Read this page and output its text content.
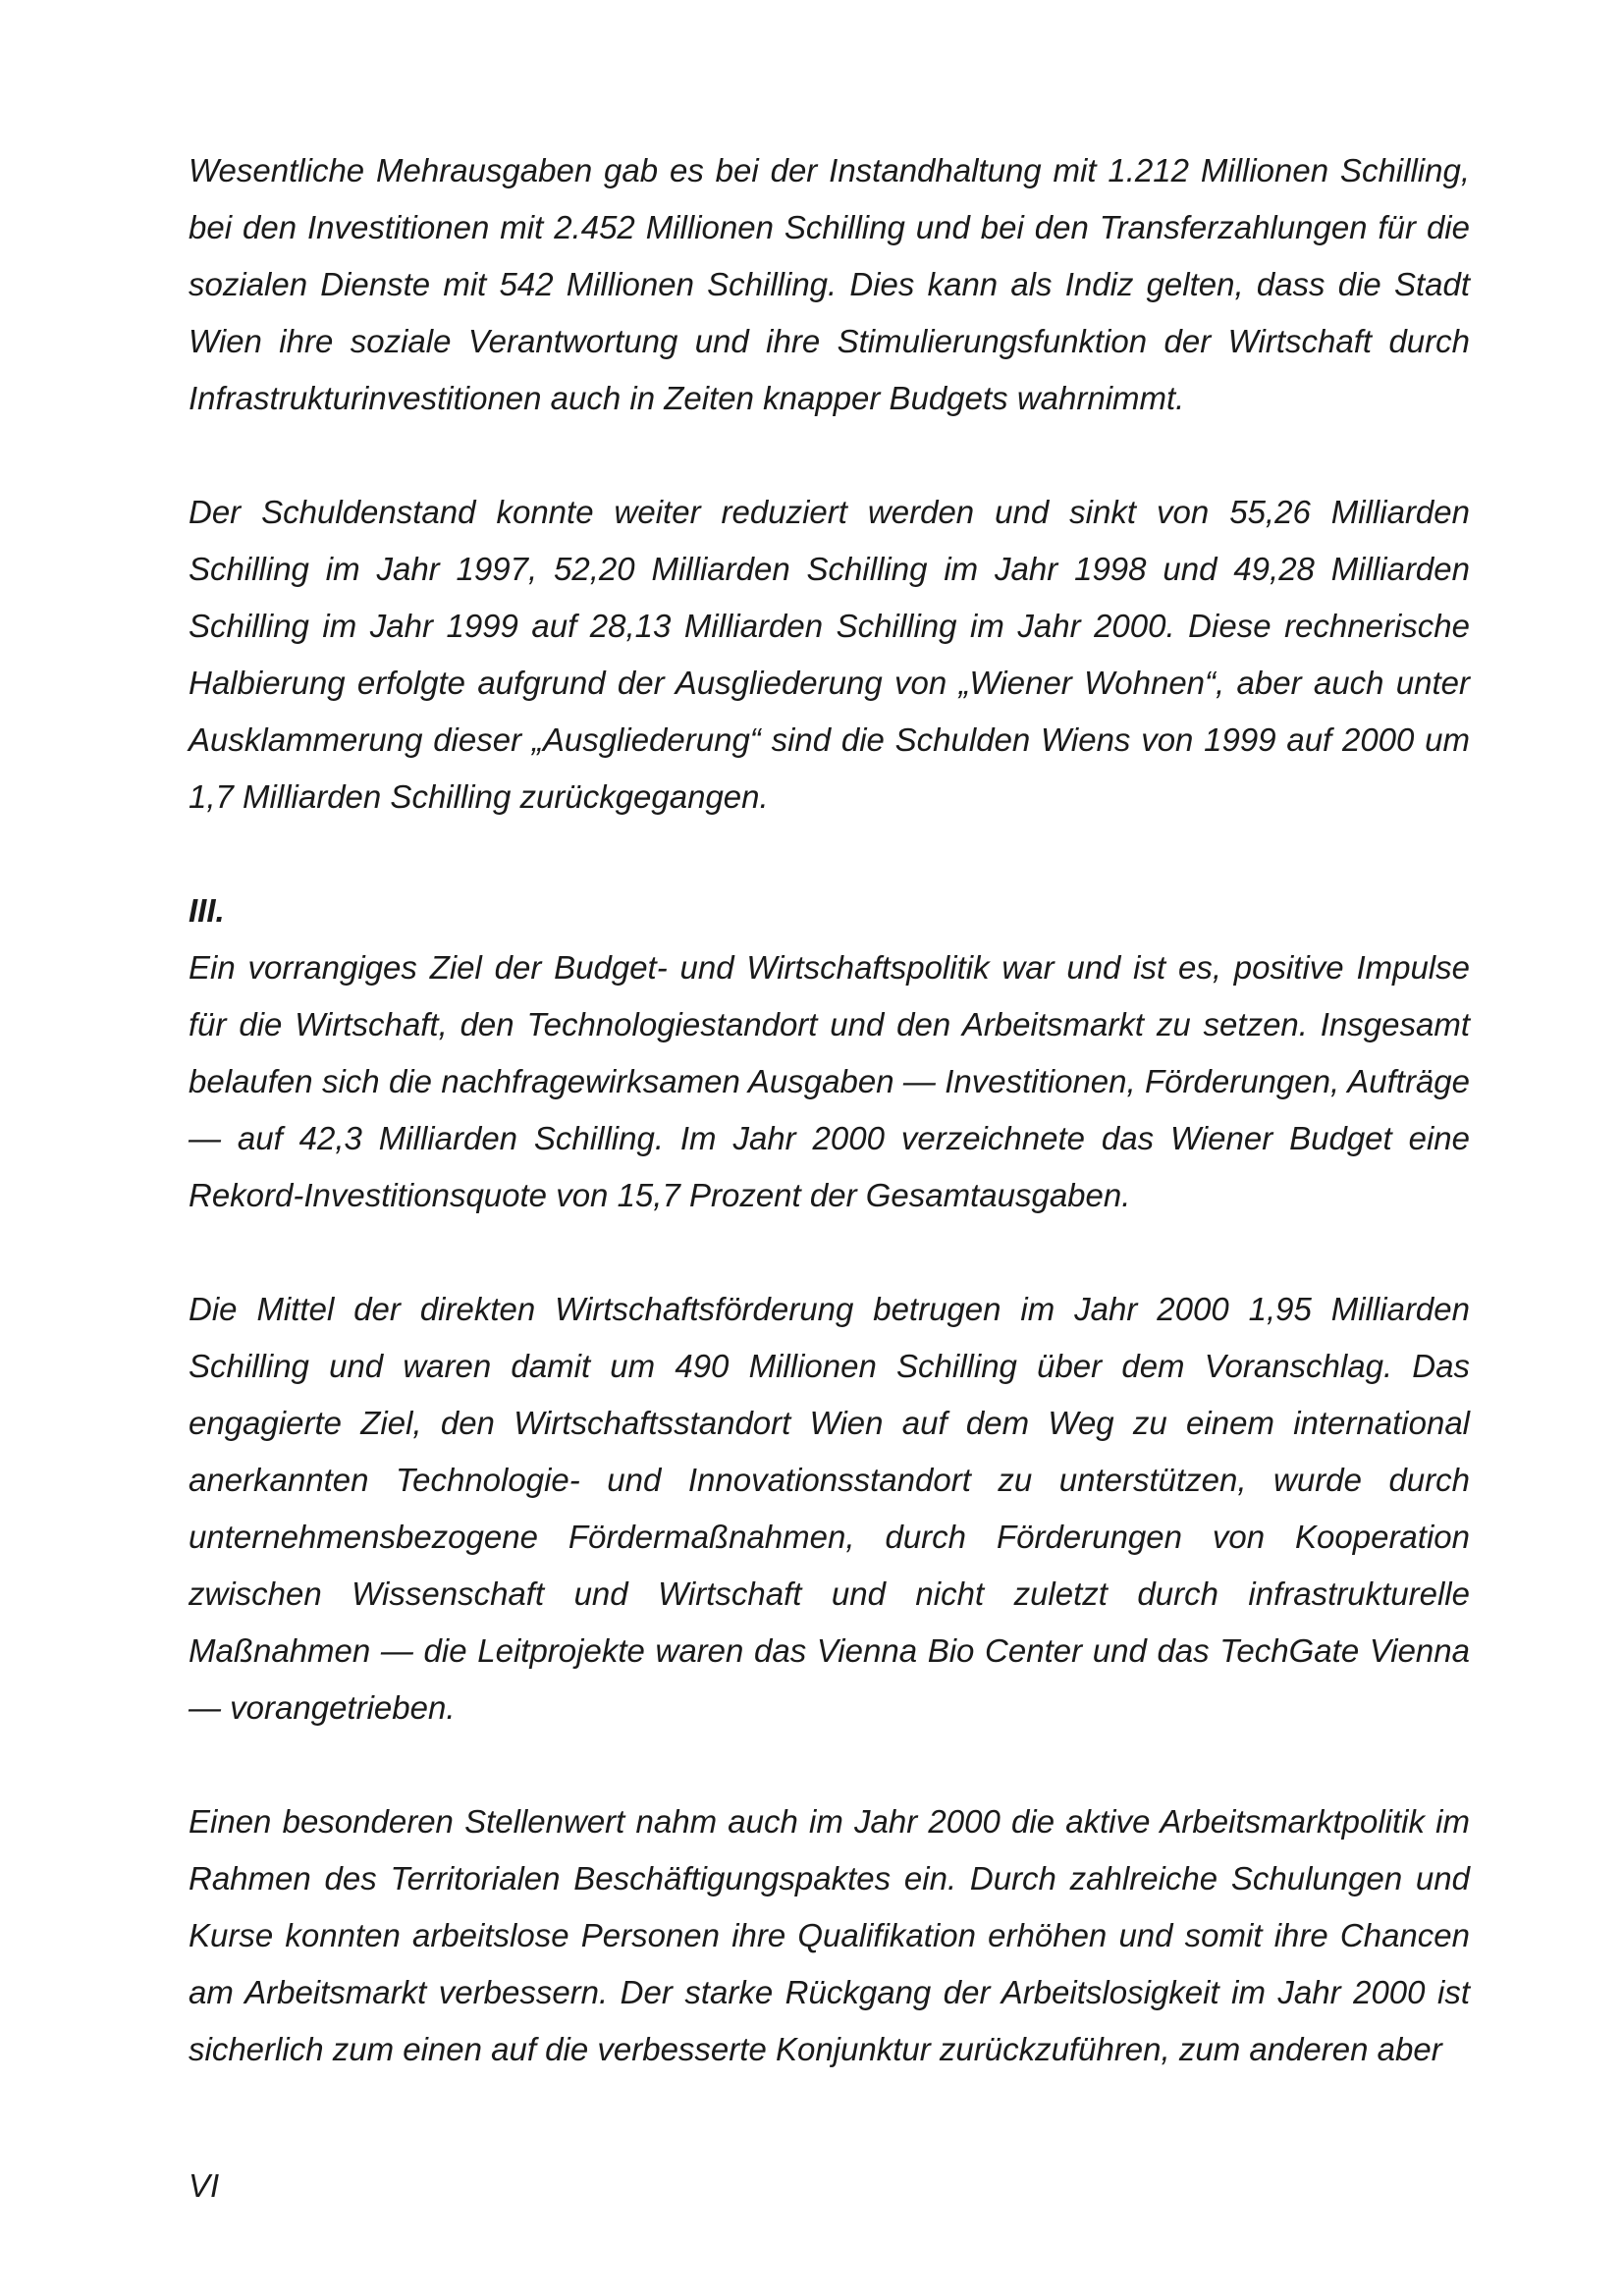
Wesentliche Mehrausgaben gab es bei der Instandhaltung mit 1.212 Millionen Schilling, bei den Investitionen mit 2.452 Millionen Schilling und bei den Transferzahlungen für die sozialen Dienste mit 542 Millionen Schilling. Dies kann als Indiz gelten, dass die Stadt Wien ihre soziale Verantwortung und ihre Stimulierungsfunktion der Wirtschaft durch Infrastrukturinvestitionen auch in Zeiten knapper Budgets wahrnimmt.

Der Schuldenstand konnte weiter reduziert werden und sinkt von 55,26 Milliarden Schilling im Jahr 1997, 52,20 Milliarden Schilling im Jahr 1998 und 49,28 Milliarden Schilling im Jahr 1999 auf 28,13 Milliarden Schilling im Jahr 2000. Diese rechnerische Halbierung erfolgte aufgrund der Ausgliederung von „Wiener Wohnen“, aber auch unter Ausklammerung dieser „Ausgliederung“ sind die Schulden Wiens von 1999 auf 2000 um 1,7 Milliarden Schilling zurückgegangen.

III.

Ein vorrangiges Ziel der Budget- und Wirtschaftspolitik war und ist es, positive Impulse für die Wirtschaft, den Technologiestandort und den Arbeitsmarkt zu setzen. Insgesamt belaufen sich die nachfragewirksamen Ausgaben — Investitionen, Förderungen, Aufträge — auf 42,3 Milliarden Schilling. Im Jahr 2000 verzeichnete das Wiener Budget eine Rekord-Investitionsquote von 15,7 Prozent der Gesamtausgaben.

Die Mittel der direkten Wirtschaftsförderung betrugen im Jahr 2000 1,95 Milliarden Schilling und waren damit um 490 Millionen Schilling über dem Voranschlag. Das engagierte Ziel, den Wirtschaftsstandort Wien auf dem Weg zu einem international anerkannten Technologie- und Innovationsstandort zu unterstützen, wurde durch unternehmensbezogene Fördermaßnahmen, durch Förderungen von Kooperation zwischen Wissenschaft und Wirtschaft und nicht zuletzt durch infrastrukturelle Maßnahmen — die Leitprojekte waren das Vienna Bio Center und das TechGate Vienna — vorangetrieben.

Einen besonderen Stellenwert nahm auch im Jahr 2000 die aktive Arbeitsmarktpolitik im Rahmen des Territorialen Beschäftigungspaktes ein. Durch zahlreiche Schulungen und Kurse konnten arbeitslose Personen ihre Qualifikation erhöhen und somit ihre Chancen am Arbeitsmarkt verbessern. Der starke Rückgang der Arbeitslosigkeit im Jahr 2000 ist sicherlich zum einen auf die verbesserte Konjunktur zurückzuführen, zum anderen aber

VI
